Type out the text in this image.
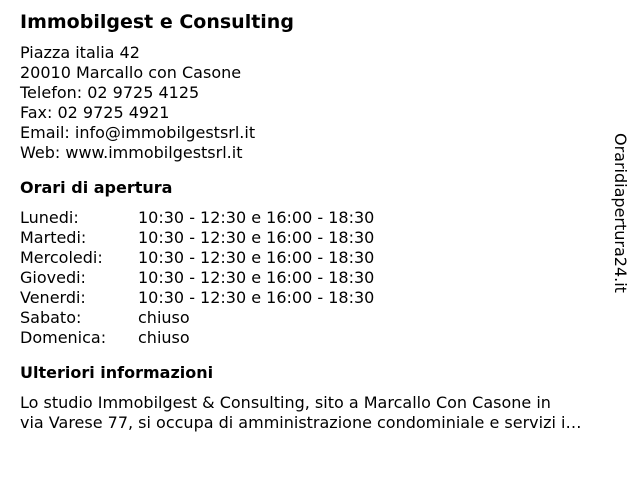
Immobilgest e Consulting
Piazza italia 42
20010 Marcallo con Casone
Telefon: 02 9725 4125
Fax: 02 9725 4921
Email: info@immobilgestsrl.it
Web: www.immobilgestsrl.it
Orari di apertura
Lunedi:	10:30 - 12:30 e 16:00 - 18:30
Martedi:	10:30 - 12:30 e 16:00 - 18:30
Mercoledi:	10:30 - 12:30 e 16:00 - 18:30
Giovedi:	10:30 - 12:30 e 16:00 - 18:30
Venerdi:	10:30 - 12:30 e 16:00 - 18:30
Sabato:	chiuso
Domenica:	chiuso
Ulteriori informazioni
Lo studio Immobilgest & Consulting, sito a Marcallo Con Casone in
via Varese 77, si occupa di amministrazione condominiale e servizi i…
Oraridiapertura24.it
